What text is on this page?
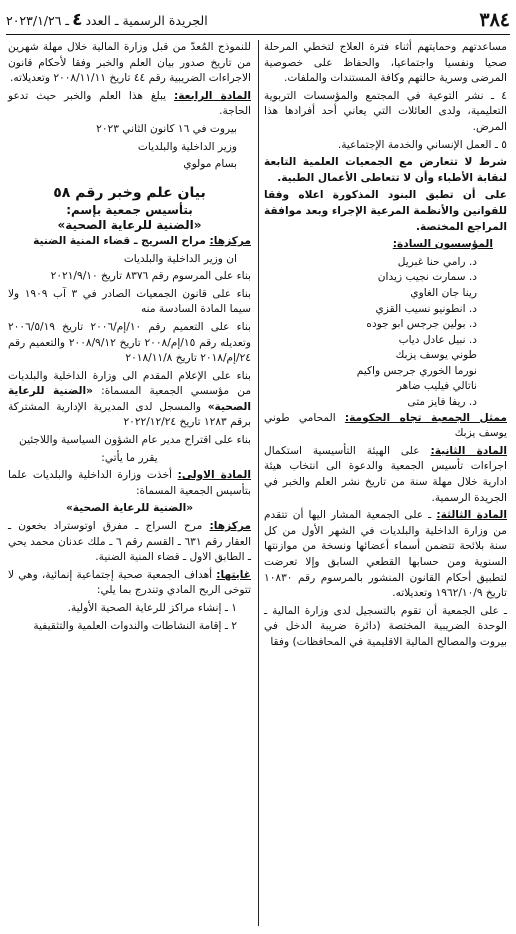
٣٨٤
الجريدة الرسمية ـ العدد٤ـ ٢٠٢٣/١/٢٦

مساعدتهم وحمايتهم أثناء فترة العلاج لتخطي المرحلة صحيا ونفسيا واجتماعيا، والحفاظ على خصوصية المرضى وسرية حالتهم وكافة المستندات والملفات.

٤ ـ نشر التوعية في المجتمع والمؤسسات التربوية التعليمية، ولدى العائلات التي يعاني أحد أفرادها هذا المرض.

٥ ـ العمل الإنساني والخدمة الإجتماعية.

شرط لا تتعارض مع الجمعيات العلمية التابعة لنقابة الأطباء وأن لا تتعاطى الأعمال الطبية.

على أن تطبق البنود المذكورة اعلاه وفقا للقوانين والأنظمة المرعية الإجراء وبعد موافقة المراجع المختصة.

المؤسسون السادة:

د. رامي حنا غبريل
د. سمارت نجيب زيدان
رينا جان الغاوي
د. انطونيو نسيب القزي
د. بولين جرجس ابو جوده
د. نبيل عادل دياب
طوني يوسف يزبك
نورما الخوري جرجس واكيم
ناتالي فيليب ضاهر
د. ريفا فايز متى

ممثل الجمعية تجاه الحكومة: المحامي طوني يوسف يزبك

المادة الثانية: على الهيئة التأسيسية استكمال اجراءات تأسيس الجمعية والدعوة الى انتخاب هيئة ادارية خلال مهلة سنة من تاريخ نشر العلم والخبر في الجريدة الرسمية.

المادة الثالثة: ـ على الجمعية المشار اليها أن تتقدم من وزارة الداخلية والبلديات في الشهر الأول من كل سنة بلائحة تتضمن أسماء أعضائها ونسخة من موازنتها السنوية ومن حسابها القطعي السابق وإلا تعرضت لتطبيق أحكام القانون المنشور بالمرسوم رقم ١٠٨٣٠ تاريخ ١٩٦٢/١٠/٩ وتعديلاته.

ـ على الجمعية أن تقوم بالتسجيل لدى وزارة المالية ـ الوحدة الضريبية المختصة (دائرة ضريبة الدخل في بيروت والمصالح المالية الاقليمية في المحافظات) وفقا

للنموذج المُعدّ من قبل وزارة المالية خلال مهلة شهرين من تاريخ صدور بيان العلم والخبر وفقا لأحكام قانون الاجراءات الضريبية رقم ٤٤ تاريخ ٢٠٠٨/١١/١١ وتعديلاته.

المادة الرابعة: يبلغ هذا العلم والخبر حيث تدعو الحاجة.

بيروت في ١٦ كانون الثاني ٢٠٢٣

وزير الداخلية والبلديات

بسام مولوي

بيان علم وخبر رقم ٥٨
بتأسيس جمعية بإسم:
«الضنية للرعاية الصحية»

مركزها: مراح السريج ـ قضاء المنية الضنية

ان وزير الداخلية والبلديات

بناء على المرسوم رقم ٨٣٧٦ تاريخ ٢٠٢١/٩/١٠

بناء على قانون الجمعيات الصادر في ٣ آب ١٩٠٩ ولا سيما المادة السادسة منه

بناء على التعميم رقم ١٠/إم/٢٠٠٦ تاريخ ٢٠٠٦/٥/١٩ وتعديله رقم ١٥/إم/٢٠٠٨ تاريخ ٢٠٠٨/٩/١٢ والتعميم رقم ٢٤/إم/٢٠١٨ تاريخ ٢٠١٨/١١/٨

بناء على الإعلام المقدم الى وزارة الداخلية والبلديات من مؤسسي الجمعية المسماة: «الضنية للرعاية الصحية» والمسجل لدى المديرية الإدارية المشتركة برقم ١٢٨٣ تاريخ ٢٠٢٢/١٢/٢٤

بناء على اقتراح مدير عام الشؤون السياسية واللاجئين

يقرر ما يأتي:

المادة الاولى: أخذت وزارة الداخلية والبلديات علما بتأسيس الجمعية المسماة:

«الضنية للرعاية الصحية»

مركزها: مرح السراج ـ مفرق اوتوستراد بخعون ـ العقار رقم ٦٣١ ـ القسم رقم ٦ ـ ملك عدنان محمد يحي ـ الطابق الاول ـ قضاء المنية الضنية.

غايتها: أهداف الجمعية صحية إجتماعية إنمائية، وهي لا تتوخى الربح المادي وتندرج بما يلي:

١ ـ إنشاء مراكز للرعاية الصحية الأولية.

٢ ـ إقامة النشاطات والندوات العلمية والتثقيفية
